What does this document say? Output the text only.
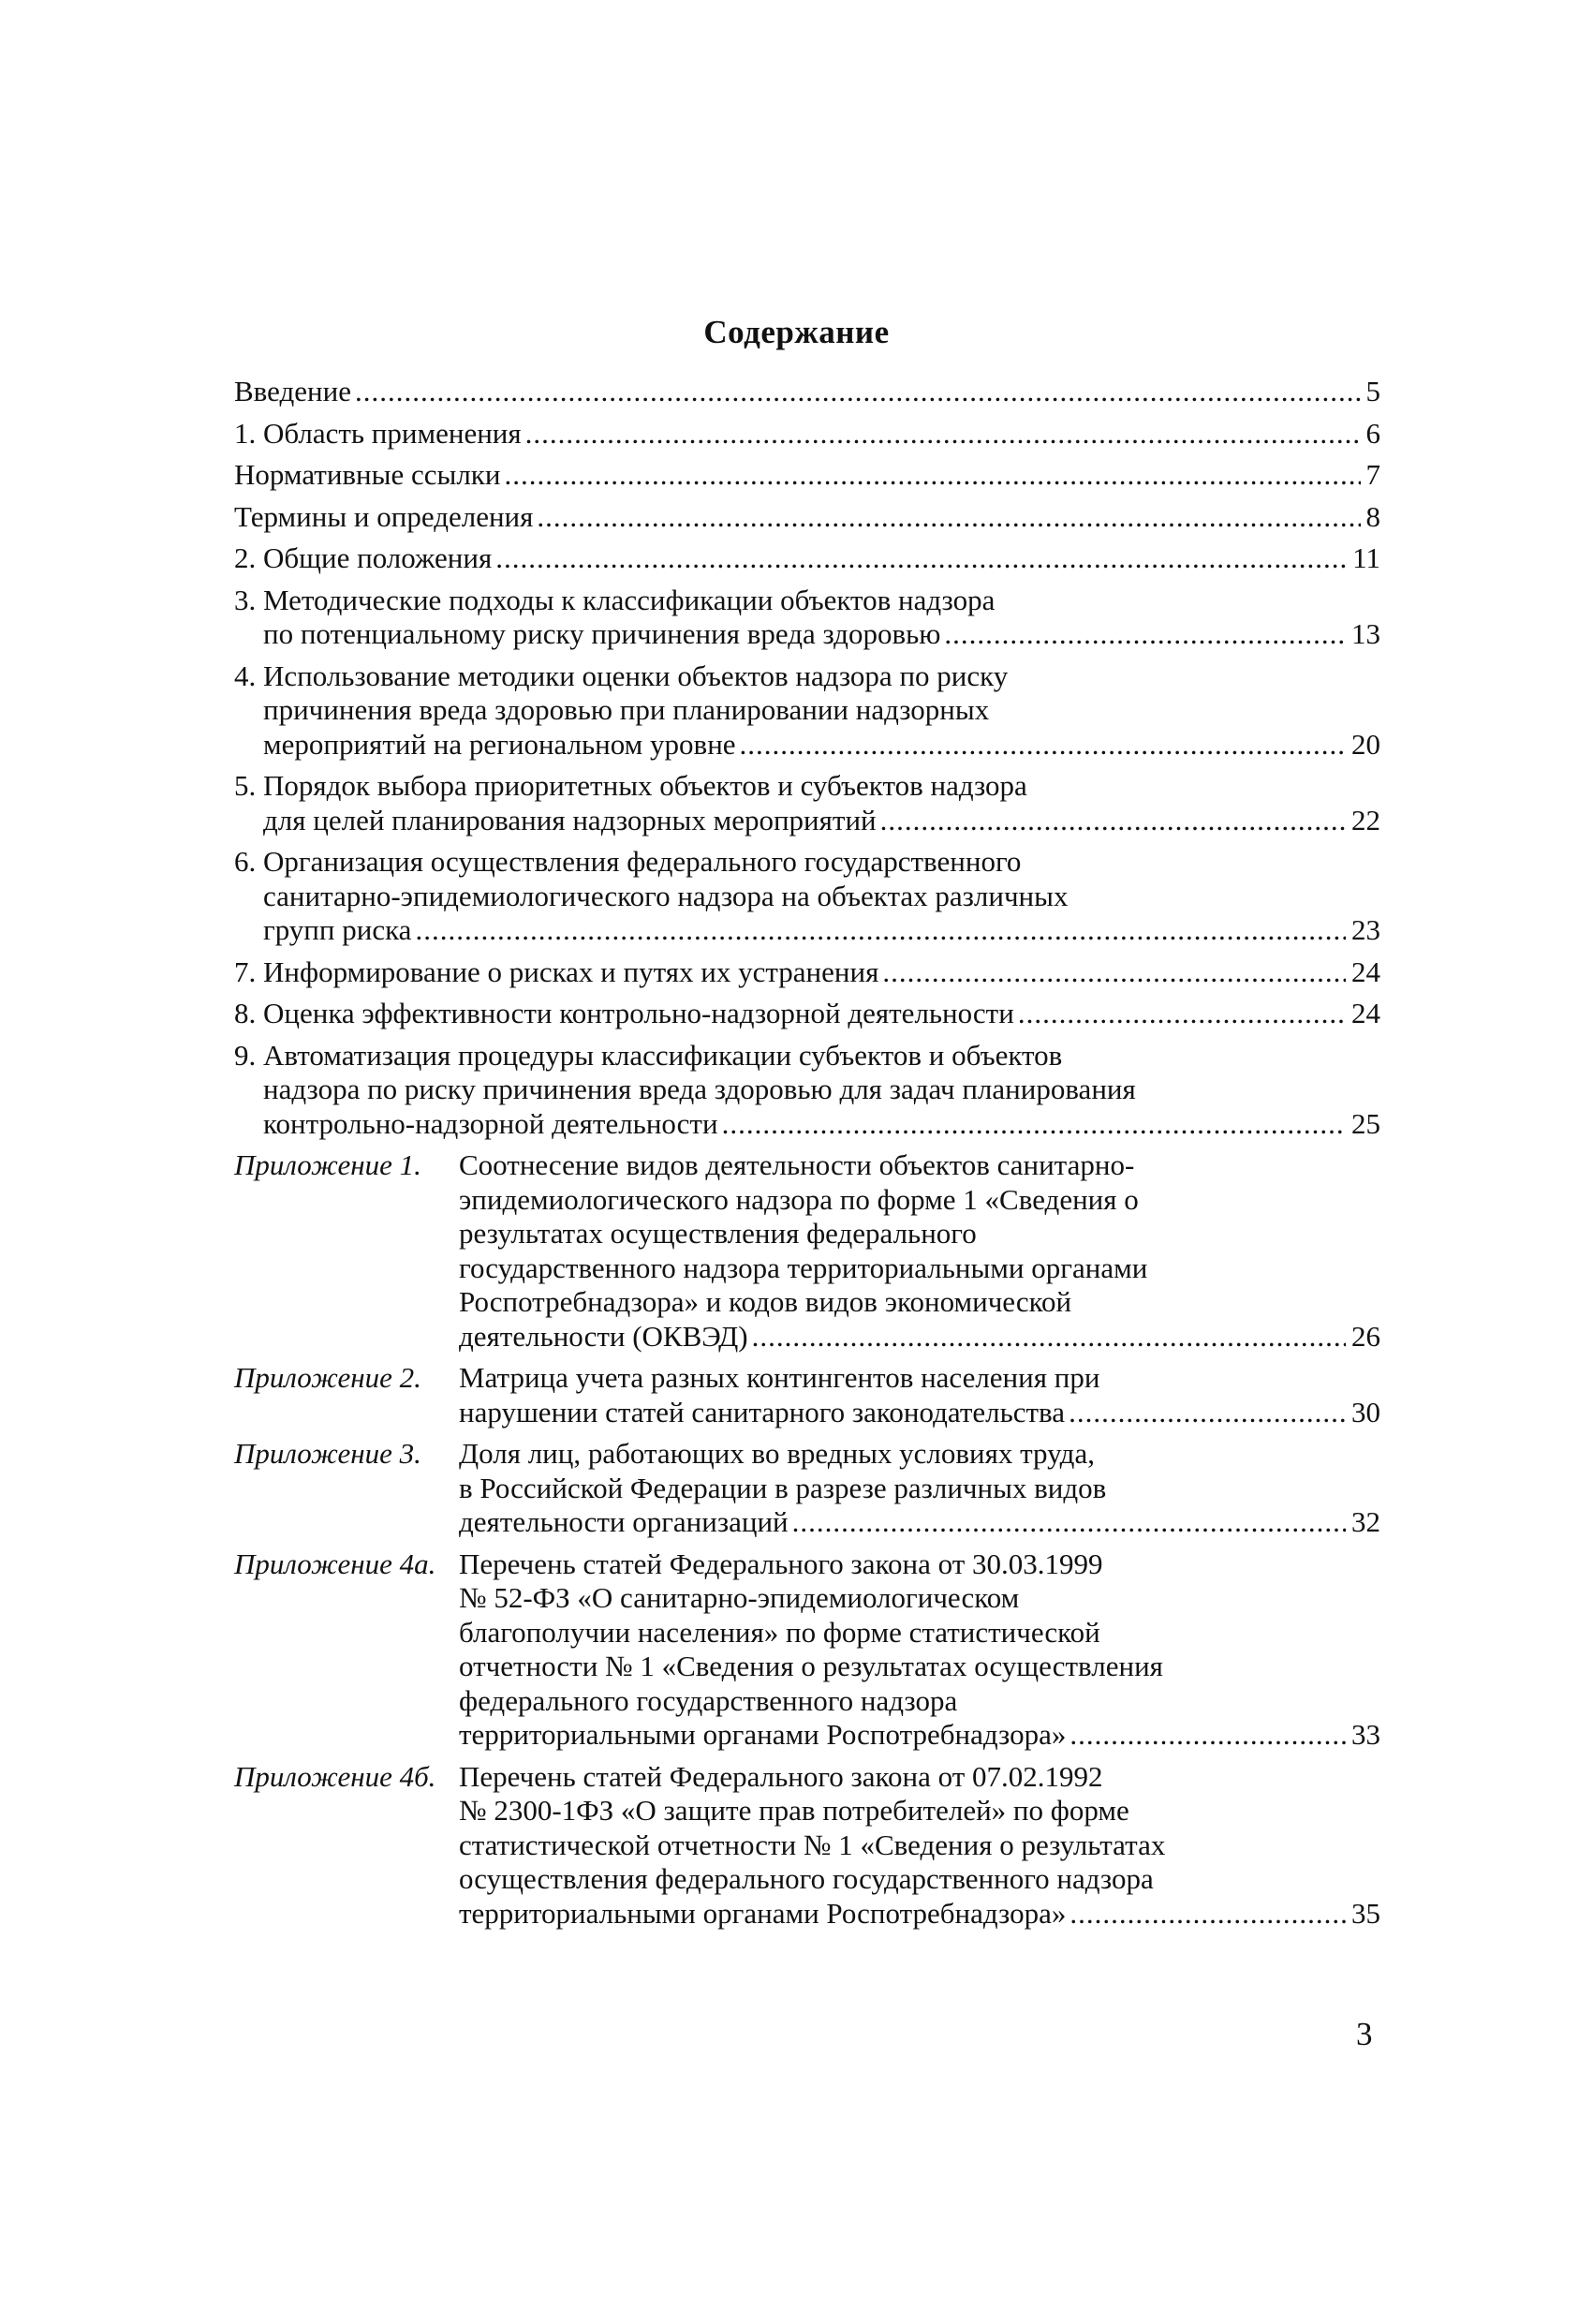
Содержание
Введение .....	5
1. Область применения .....	6
Нормативные ссылки .....	7
Термины и определения .....	8
2. Общие положения .....	11
3. Методические подходы к классификации объектов надзора
по потенциальному риску причинения вреда здоровью .....	13
4. Использование методики оценки объектов надзора по риску
причинения вреда здоровью при планировании надзорных
мероприятий на региональном уровне .....	20
5. Порядок выбора приоритетных объектов и субъектов надзора
для целей планирования надзорных мероприятий .....	22
6. Организация осуществления федерального государственного
санитарно-эпидемиологического надзора на объектах различных
групп риска .....	23
7. Информирование о рисках и путях их устранения .....	24
8. Оценка эффективности контрольно-надзорной деятельности .....	24
9. Автоматизация процедуры классификации субъектов и объектов
надзора по риску причинения вреда здоровью для задач планирования
контрольно-надзорной деятельности .....	25
Приложение 1.	Соотнесение видов деятельности объектов санитарно-
эпидемиологического надзора по форме 1 «Сведения о
результатах осуществления федерального
государственного надзора территориальными органами
Роспотребнадзора» и кодов видов экономической
деятельности (ОКВЭД) .....	26
Приложение 2.	Матрица учета разных контингентов населения при
нарушении статей санитарного законодательства .....	30
Приложение 3.	Доля лиц, работающих во вредных условиях труда,
в Российской Федерации в разрезе различных видов
деятельности организаций .....	32
Приложение 4а. Перечень статей Федерального закона от 30.03.1999
№ 52-ФЗ «О санитарно-эпидемиологическом
благополучии населения» по форме статистической
отчетности № 1 «Сведения о результатах осуществления
федерального государственного надзора
территориальными органами Роспотребнадзора» .....	33
Приложение 4б. Перечень статей Федерального закона от 07.02.1992
№ 2300-1ФЗ «О защите прав потребителей» по форме
статистической отчетности № 1 «Сведения о результатах
осуществления федерального государственного надзора
территориальными органами Роспотребнадзора» .....	35
3
